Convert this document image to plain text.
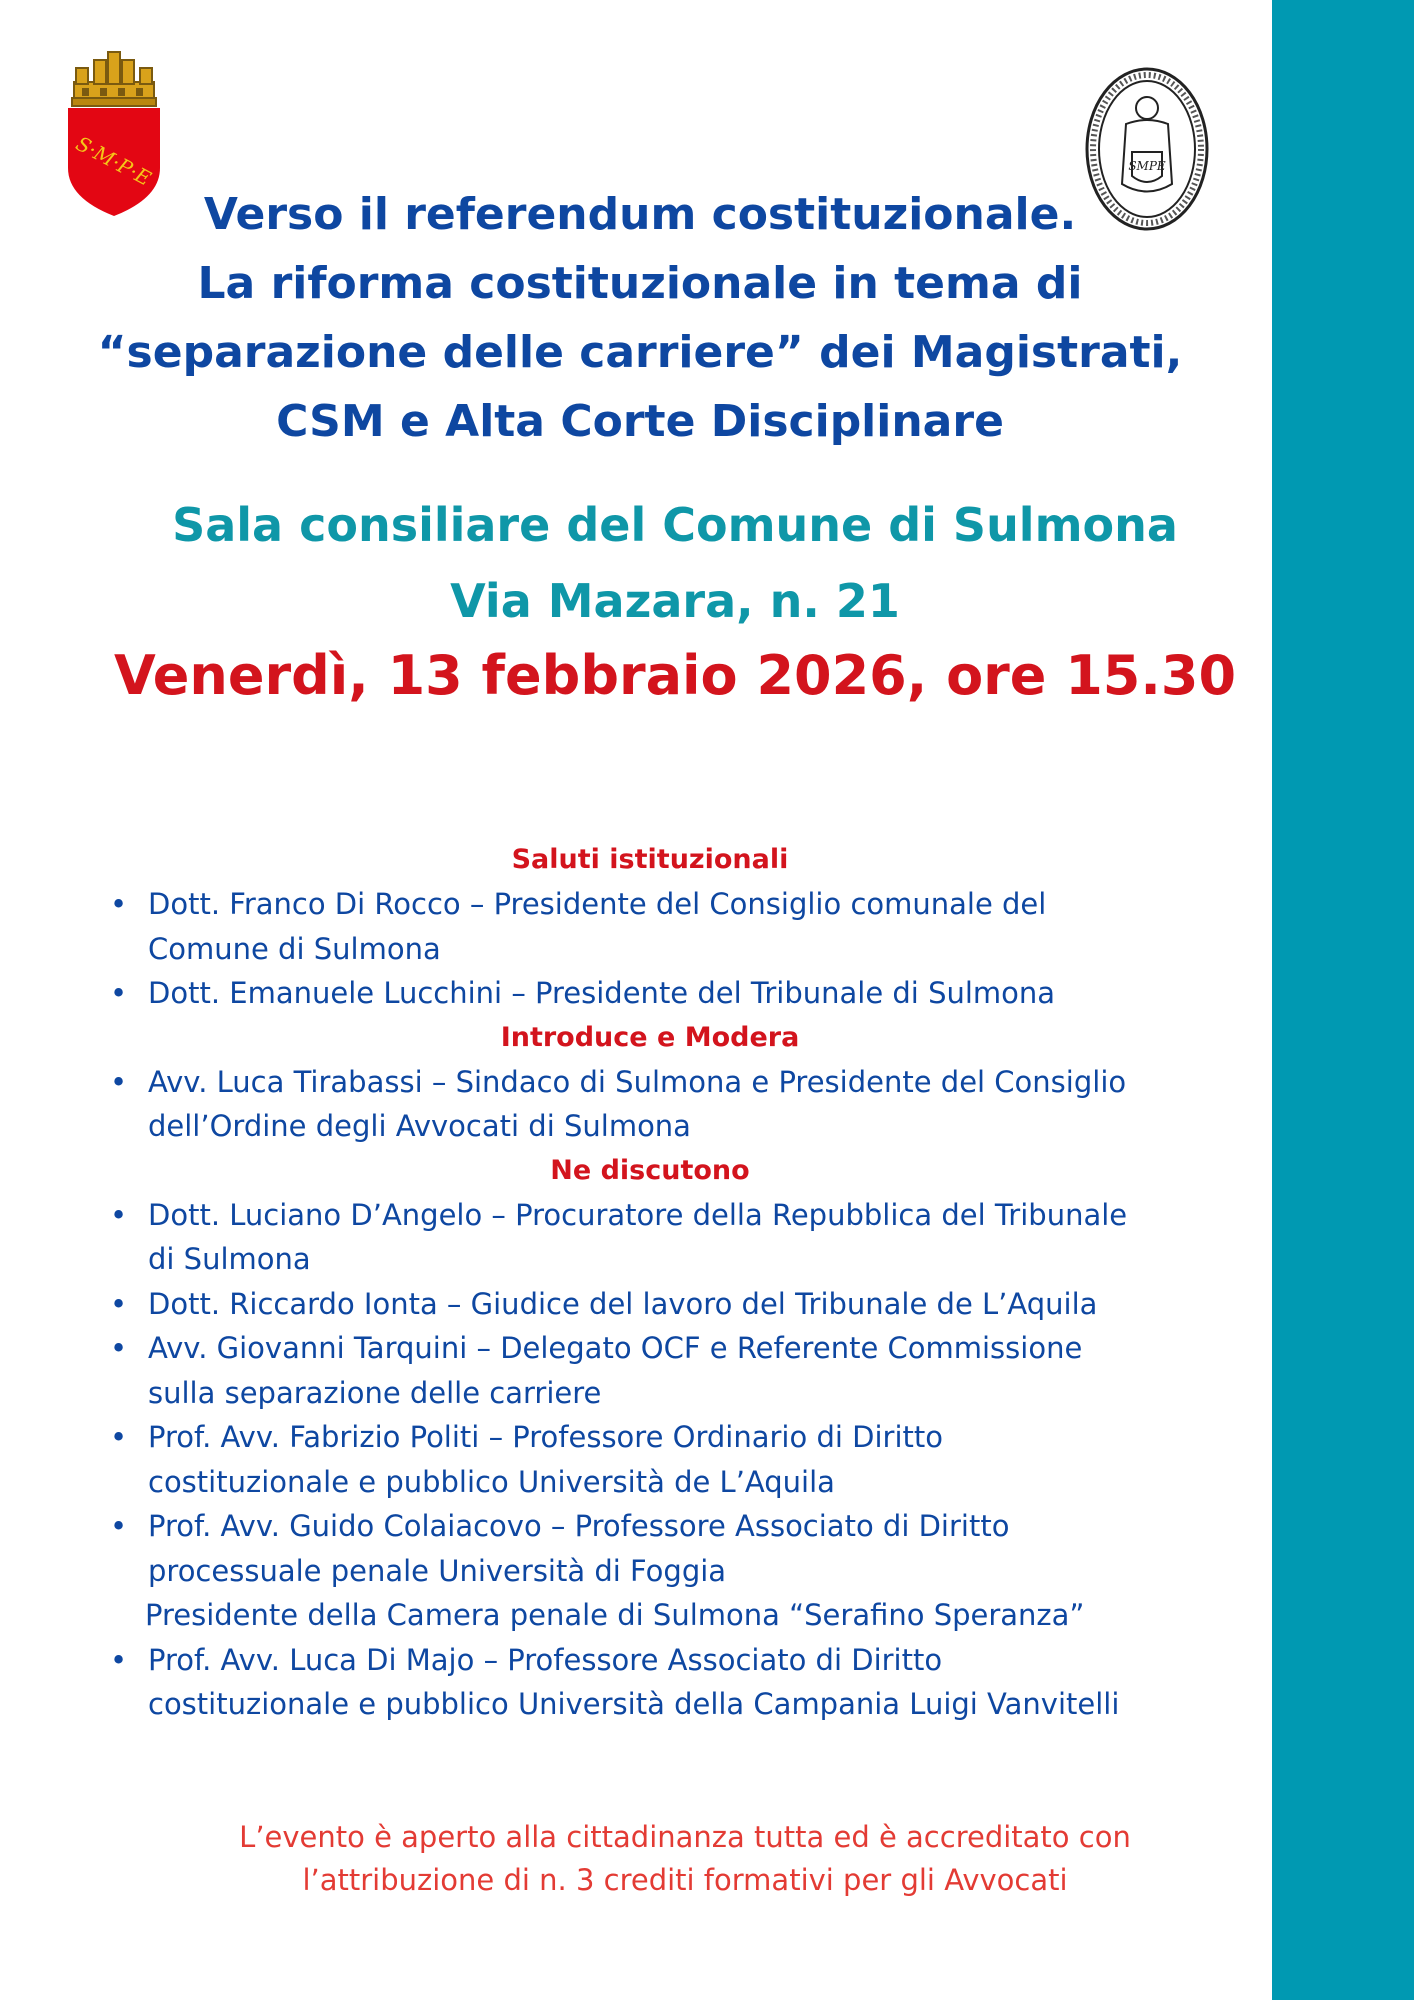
S·M·P·E	SMPE
Verso il referendum costituzionale.
La riforma costituzionale in tema di
“separazione delle carriere” dei Magistrati,
CSM e Alta Corte Disciplinare
Sala consiliare del Comune di Sulmona
Via Mazara, n. 21
Venerdì, 13 febbraio 2026, ore 15.30
Saluti istituzionali
• Dott. Franco Di Rocco – Presidente del Consiglio comunale del
Comune di Sulmona
• Dott. Emanuele Lucchini – Presidente del Tribunale di Sulmona
Introduce e Modera
• Avv. Luca Tirabassi – Sindaco di Sulmona e Presidente del Consiglio
dell’Ordine degli Avvocati di Sulmona
Ne discutono
• Dott. Luciano D’Angelo – Procuratore della Repubblica del Tribunale
di Sulmona
• Dott. Riccardo Ionta – Giudice del lavoro del Tribunale de L’Aquila
• Avv. Giovanni Tarquini – Delegato OCF e Referente Commissione
sulla separazione delle carriere
• Prof. Avv. Fabrizio Politi – Professore Ordinario di Diritto
costituzionale e pubblico Università de L’Aquila
• Prof. Avv. Guido Colaiacovo – Professore Associato di Diritto
processuale penale Università di Foggia
Presidente della Camera penale di Sulmona “Serafino Speranza”
• Prof. Avv. Luca Di Majo – Professore Associato di Diritto
costituzionale e pubblico Università della Campania Luigi Vanvitelli
L’evento è aperto alla cittadinanza tutta ed è accreditato con
l’attribuzione di n. 3 crediti formativi per gli Avvocati
